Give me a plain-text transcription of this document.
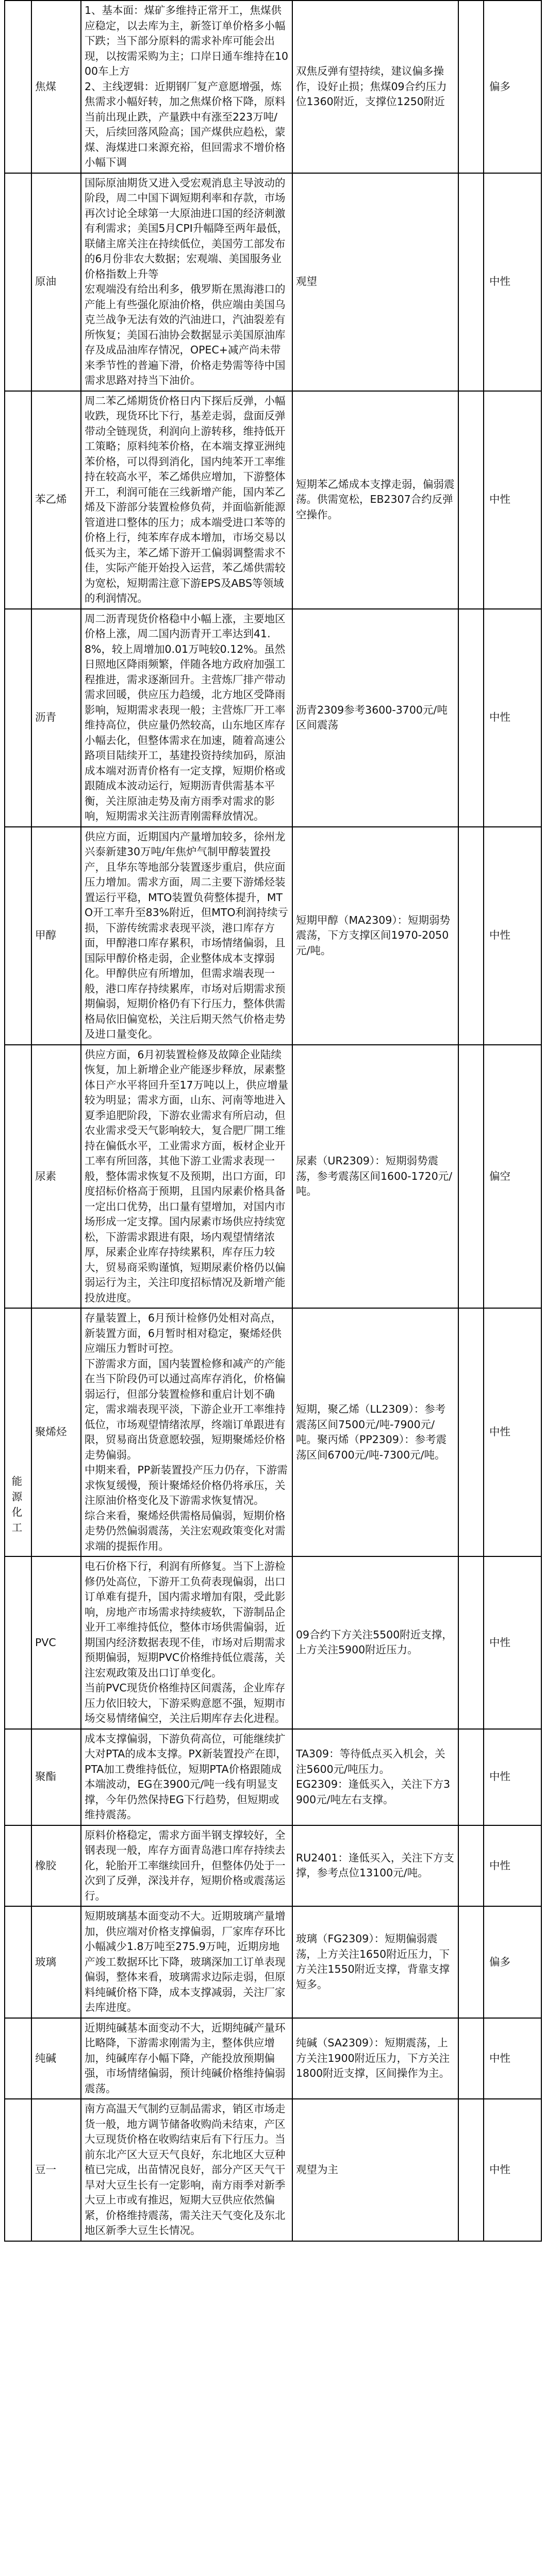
焦煤
1、基本面：煤矿多维持正常开工，焦煤供应稳定，以去库为主，新签订单价格多小幅下跌；当下部分原料的需求补库可能会出现，以按需采购为主；口岸日通车维持在1000车上方
2、主线逻辑：近期钢厂复产意愿增强，炼焦需求小幅好转，加之焦煤价格下降，原料当前出现止跌，产量跌中有涨至223万吨/天，后续回落风险高；国产煤供应趋松，蒙煤、海煤进口来源充裕，但回需求不增价格小幅下调
双焦反弹有望持续，建议偏多操作，设好止损；焦煤09合约压力位1360附近，支撑位1250附近
偏多
原油
国际原油期货又进入受宏观消息主导波动的阶段，周二中国下调短期利率和存款，市场再次讨论全球第一大原油进口国的经济刺激有利需求；美国5月CPI升幅降至两年最低，联储主席关注在持续低位，美国劳工部发布的6月份非农大数据；宏观端、美国服务业价格指数上升等
宏观端没有给出利多，俄罗斯在黑海港口的产能上有些强化原油价格，供应端由美国乌克兰战争无法有效的汽油进口，汽油裂差有所恢复；美国石油协会数据显示美国原油库存及成品油库存情况，OPEC+减产尚未带来季节性的普遍下滑，价格走势需等待中国需求思路对持当下油价。
观望	中性
苯乙烯
周二苯乙烯期货价格日内下探后反弹，小幅收跌，现货环比下行，基差走弱，盘面反弹带动全链现货，利润向上游转移，维持低开工策略；原料纯苯价格，在本端支撑亚洲纯苯价格，可以得到消化，国内纯苯开工率维持在较高水平，苯乙烯供应增加，下游整体开工，利润可能在三线新增产能，国内苯乙烯及下游部分装置检修负荷，并面临新能源管道进口整体的压力；成本端受进口苯等的价格上行，纯苯库存成本增加，市场交易以低买为主，苯乙烯下游开工偏弱调整需求不佳，实际产能开始投入运营，苯乙烯供需较为宽松，短期需注意下游EPS及ABS等领域的利润情况。
短期苯乙烯成本支撑走弱，偏弱震荡。供需宽松，EB2307合约反弹空操作。
中性
沥青
周二沥青现货价格稳中小幅上涨，主要地区价格上涨，周二国内沥青开工率达到41.8%，较上周增加0.01万吨较0.12%。虽然日照地区降雨频繁，伴随各地方政府加强工程推进，需求逐渐回升。主营炼厂排产带动需求回暖，供应压力趋缓，北方地区受降雨影响，短期需求表现一般；主营炼厂开工率维持高位，供应量仍然较高，山东地区库存小幅去化，但整体需求在加速，随着高速公路项目陆续开工，基建投资持续加码，原油成本端对沥青价格有一定支撑，短期价格或跟随成本波动运行，短期沥青供需基本平衡，关注原油走势及南方雨季对需求的影响，短期需求关注沥青刚需释放情况。
沥青2309参考3600-3700元/吨区间震荡
中性
甲醇
供应方面，近期国内产量增加较多，徐州龙兴泰新建30万吨/年焦炉气制甲醇装置投产，且华东等地部分装置逐步重启，供应面压力增加。需求方面，周二主要下游烯烃装置运行平稳，MTO装置负荷整体提升，MTO开工率升至83%附近，但MTO利润持续亏损，下游传统需求表现平淡，港口库存方面，甲醇港口库存累积，市场情绪偏弱，且国际甲醇价格走弱，企业整体成本支撑弱化。甲醇供应有所增加，但需求端表现一般，港口库存持续累库，市场对后期需求预期偏弱，短期价格仍有下行压力，整体供需格局依旧偏宽松，关注后期天然气价格走势及进口量变化。
短期甲醇（MA2309）：短期弱势震荡，下方支撑区间1970-2050元/吨。
中性
尿素
供应方面，6月初装置检修及故障企业陆续恢复，加上新增企业产能逐步释放，尿素整体日产水平将回升至17万吨以上，供应增量较为明显；需求方面，山东、河南等地进入夏季追肥阶段，下游农业需求有所启动，但农业需求受天气影响较大，复合肥厂開工维持在偏低水平，工业需求方面，板材企业开工率有所回落，其他下游工业需求表现一般，整体需求恢复不及预期，出口方面，印度招标价格高于预期，且国内尿素价格具备一定出口优势，出口量有望增加，对国内市场形成一定支撑。国内尿素市场供应持续宽松，下游需求跟进有限，场内观望情绪浓厚，尿素企业库存持续累积，库存压力较大，贸易商采购谨慎，短期尿素价格仍以偏弱运行为主，关注印度招标情况及新增产能投放进度。
尿素（UR2309）：短期弱势震荡，参考震荡区间1600-1720元/吨。
偏空
聚烯烃
存量装置上，6月预计检修仍处相对高点，新装置方面，6月暂时相对稳定，聚烯烃供应端压力暂时可控。
下游需求方面，国内装置检修和减产的产能在当下阶段仍可以通过高库存消化，价格偏弱运行，但部分装置检修和重启计划不确定，需求端表现平淡，下游企业开工率维持低位，市场观望情绪浓厚，终端订单跟进有限，贸易商出货意愿较强，短期聚烯烃价格走势偏弱。
中期来看，PP新装置投产压力仍存，下游需求恢复缓慢，预计聚烯烃价格仍将承压，关注原油价格变化及下游需求恢复情况。
综合来看，聚烯烃供需格局偏弱，短期价格走势仍然偏弱震荡，关注宏观政策变化对需求端的提振作用。
短期，聚乙烯（LL2309）：参考震荡区间7500元/吨-7900元/吨。聚丙烯（PP2309）：参考震荡区间6700元/吨-7300元/吨。
中性
PVC
电石价格下行，利润有所修复。当下上游检修仍处高位，下游开工负荷表现偏弱，出口订单难有提升，国内需求增加有限，受此影响，房地产市场需求持续疲软，下游制品企业开工率维持低位，整体市场供需偏弱，近期国内经济数据表现不佳，市场对后期需求预期偏弱，短期PVC价格维持低位震荡，关注宏观政策及出口订单变化。
当前PVC现货价格维持区间震荡，企业库存压力依旧较大，下游采购意愿不强，短期市场交易情绪偏空，关注后期库存去化进程。
09合约下方关注5500附近支撑，上方关注5900附近压力。
中性
聚酯
成本支撑偏弱，下游负荷高位，可能继续扩大对PTA的成本支撑。PX新装置投产在即，PTA加工费维持低位，短期PTA价格跟随成本端波动，EG在3900元/吨一线有明显支撑，今年仍然保持EG下行趋势，但短期或维持震荡。
TA309：等待低点买入机会，关注5600元/吨压力。
EG2309：逢低买入，关注下方3900元/吨左右支撑。
中性
橡胶
原料价格稳定，需求方面半钢支撑较好，全钢表现一般，库存方面青岛港口库存持续去化，轮胎开工率继续回升，但整体仍处于一次到了反弹，深浅并存，短期价格或震荡运行。
RU2401：逢低买入，关注下方支撑，参考点位13100元/吨。
中性
玻璃
短期玻璃基本面变动不大。近期玻璃产量增加，供应端对价格支撑偏弱，厂家库存环比小幅减少1.8万吨至275.9万吨，近期房地产竣工数据环比下降，玻璃深加工订单表现偏弱，整体来看，玻璃需求边际走弱，但原料纯碱价格下降，成本支撑减弱，关注厂家去库进度。
玻璃（FG2309）：短期偏弱震荡，上方关注1650附近压力，下方关注1550附近支撑，背靠支撑短多。
偏多
纯碱
近期纯碱基本面变动不大，近期纯碱产量环比略降，下游需求刚需为主，整体供应增加，纯碱库存小幅下降，产能投放预期偏强，市场情绪偏弱，预计纯碱价格维持偏弱震荡。
纯碱（SA2309）：短期震荡，上方关注1900附近压力，下方关注1800附近支撑，区间操作为主。
中性
豆一
南方高温天气制约豆制品需求，销区市场走货一般，地方调节储备收购尚未结束，产区大豆现货价格在收购结束后有下行压力。当前东北产区大豆天气良好，东北地区大豆种植已完成，出苗情况良好，部分产区天气干旱对大豆生长有一定影响，南方雨季对新季大豆上市或有推迟，短期大豆供应依然偏紧，价格维持震荡，需关注天气变化及东北地区新季大豆生长情况。
观望为主	中性
能
源
化
工
